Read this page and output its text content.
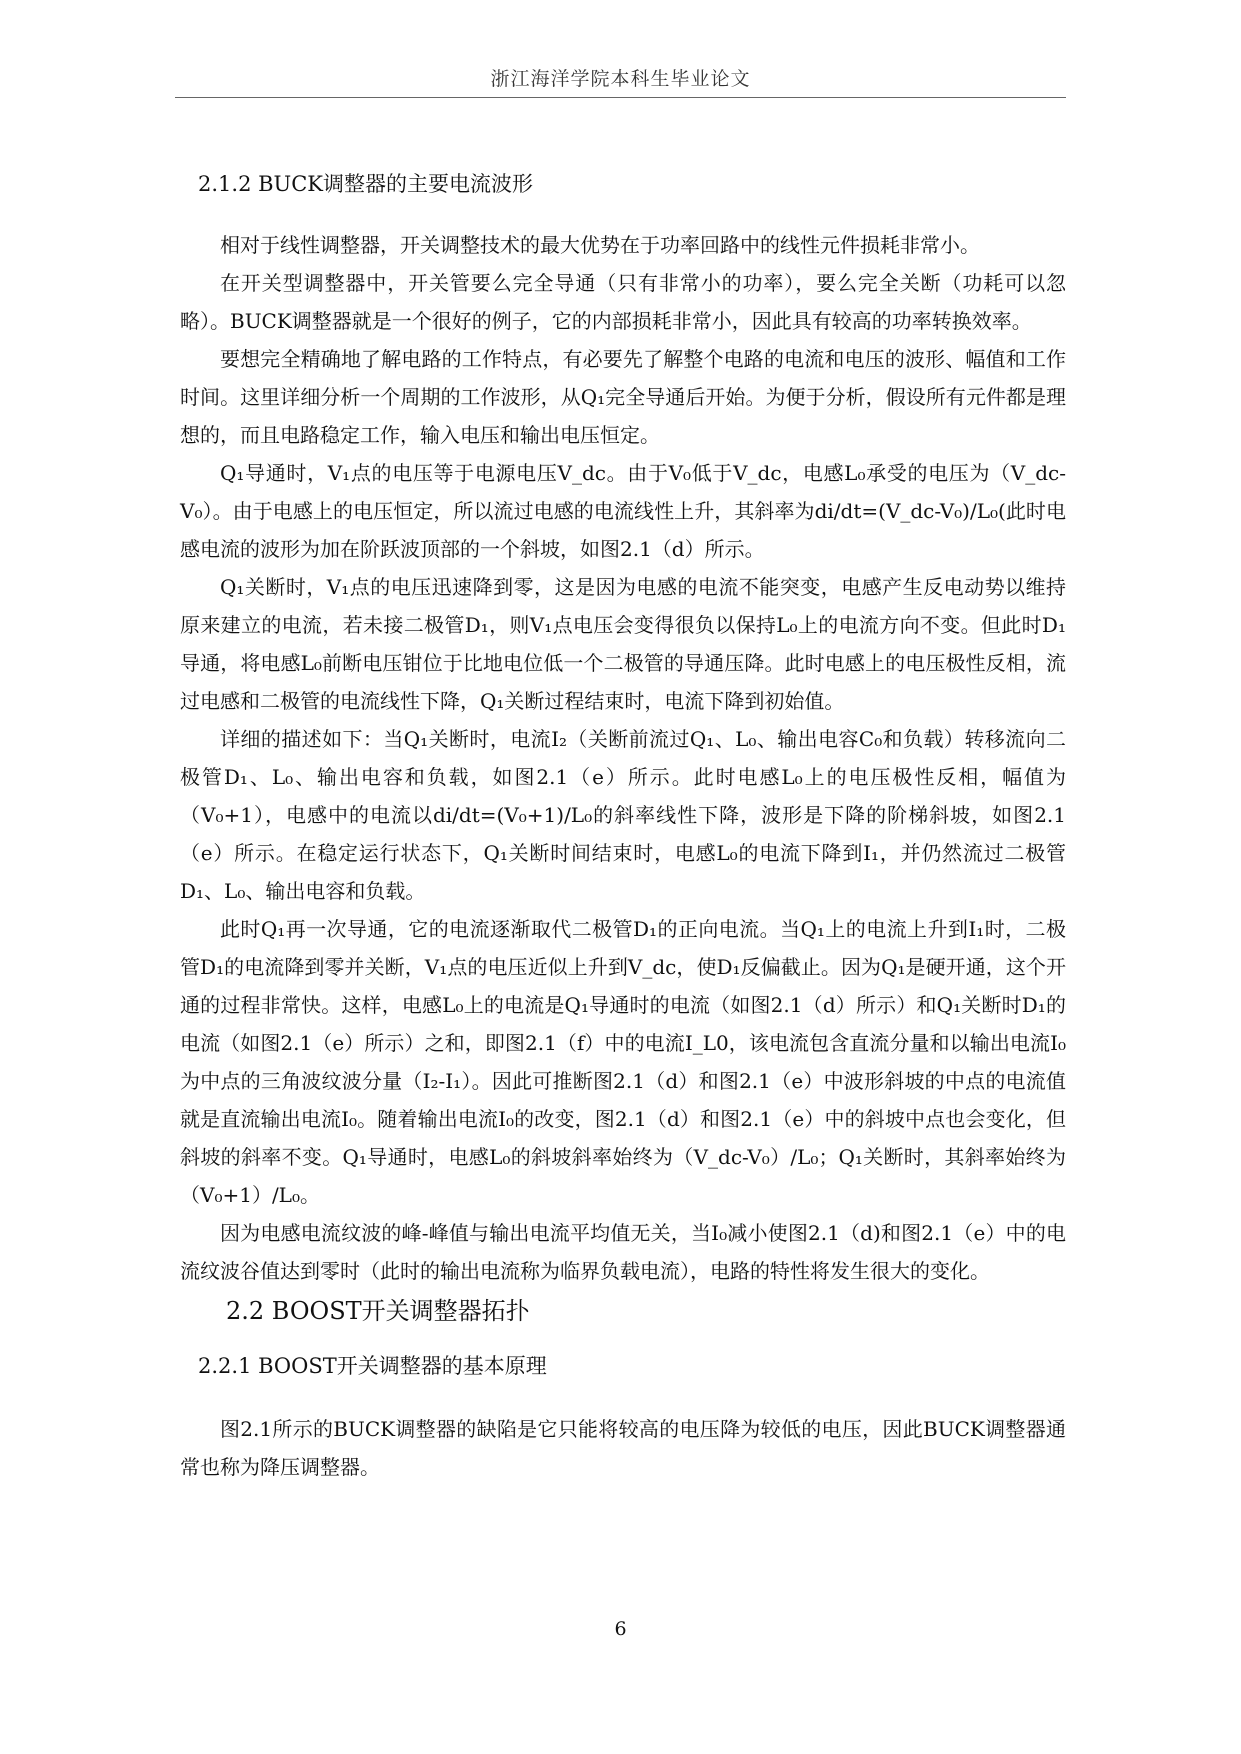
浙江海洋学院本科生毕业论文
2.1.2 BUCK调整器的主要电流波形

相对于线性调整器，开关调整技术的最大优势在于功率回路中的线性元件损耗非常小。

在开关型调整器中，开关管要么完全导通（只有非常小的功率），要么完全关断（功耗可以忽略）。BUCK调整器就是一个很好的例子，它的内部损耗非常小，因此具有较高的功率转换效率。

要想完全精确地了解电路的工作特点，有必要先了解整个电路的电流和电压的波形、幅值和工作时间。这里详细分析一个周期的工作波形，从Q₁完全导通后开始。为便于分析，假设所有元件都是理想的，而且电路稳定工作，输入电压和输出电压恒定。

Q₁导通时，V₁点的电压等于电源电压V_dc。由于V₀低于V_dc，电感L₀承受的电压为（V_dc-V₀）。由于电感上的电压恒定，所以流过电感的电流线性上升，其斜率为di/dt=(V_dc-V₀)/L₀(此时电感电流的波形为加在阶跃波顶部的一个斜坡，如图2.1（d）所示。

Q₁关断时，V₁点的电压迅速降到零，这是因为电感的电流不能突变，电感产生反电动势以维持原来建立的电流，若未接二极管D₁，则V₁点电压会变得很负以保持L₀上的电流方向不变。但此时D₁导通，将电感L₀前断电压钳位于比地电位低一个二极管的导通压降。此时电感上的电压极性反相，流过电感和二极管的电流线性下降，Q₁关断过程结束时，电流下降到初始值。

详细的描述如下：当Q₁关断时，电流I₂（关断前流过Q₁、L₀、输出电容C₀和负载）转移流向二极管D₁、L₀、输出电容和负载，如图2.1（e）所示。此时电感L₀上的电压极性反相，幅值为（V₀+1），电感中的电流以di/dt=(V₀+1)/L₀的斜率线性下降，波形是下降的阶梯斜坡，如图2.1（e）所示。在稳定运行状态下，Q₁关断时间结束时，电感L₀的电流下降到I₁，并仍然流过二极管D₁、L₀、输出电容和负载。

此时Q₁再一次导通，它的电流逐渐取代二极管D₁的正向电流。当Q₁上的电流上升到I₁时，二极管D₁的电流降到零并关断，V₁点的电压近似上升到V_dc，使D₁反偏截止。因为Q₁是硬开通，这个开通的过程非常快。这样，电感L₀上的电流是Q₁导通时的电流（如图2.1（d）所示）和Q₁关断时D₁的电流（如图2.1（e）所示）之和，即图2.1（f）中的电流I_L0，该电流包含直流分量和以输出电流I₀为中点的三角波纹波分量（I₂-I₁）。因此可推断图2.1（d）和图2.1（e）中波形斜坡的中点的电流值就是直流输出电流I₀。随着输出电流I₀的改变，图2.1（d）和图2.1（e）中的斜坡中点也会变化，但斜坡的斜率不变。Q₁导通时，电感L₀的斜坡斜率始终为（V_dc-V₀）/L₀；Q₁关断时，其斜率始终为（V₀+1）/L₀。

因为电感电流纹波的峰-峰值与输出电流平均值无关，当I₀减小使图2.1（d)和图2.1（e）中的电流纹波谷值达到零时（此时的输出电流称为临界负载电流），电路的特性将发生很大的变化。

2.2 BOOST开关调整器拓扑
2.2.1 BOOST开关调整器的基本原理

图2.1所示的BUCK调整器的缺陷是它只能将较高的电压降为较低的电压，因此BUCK调整器通常也称为降压调整器。

6
